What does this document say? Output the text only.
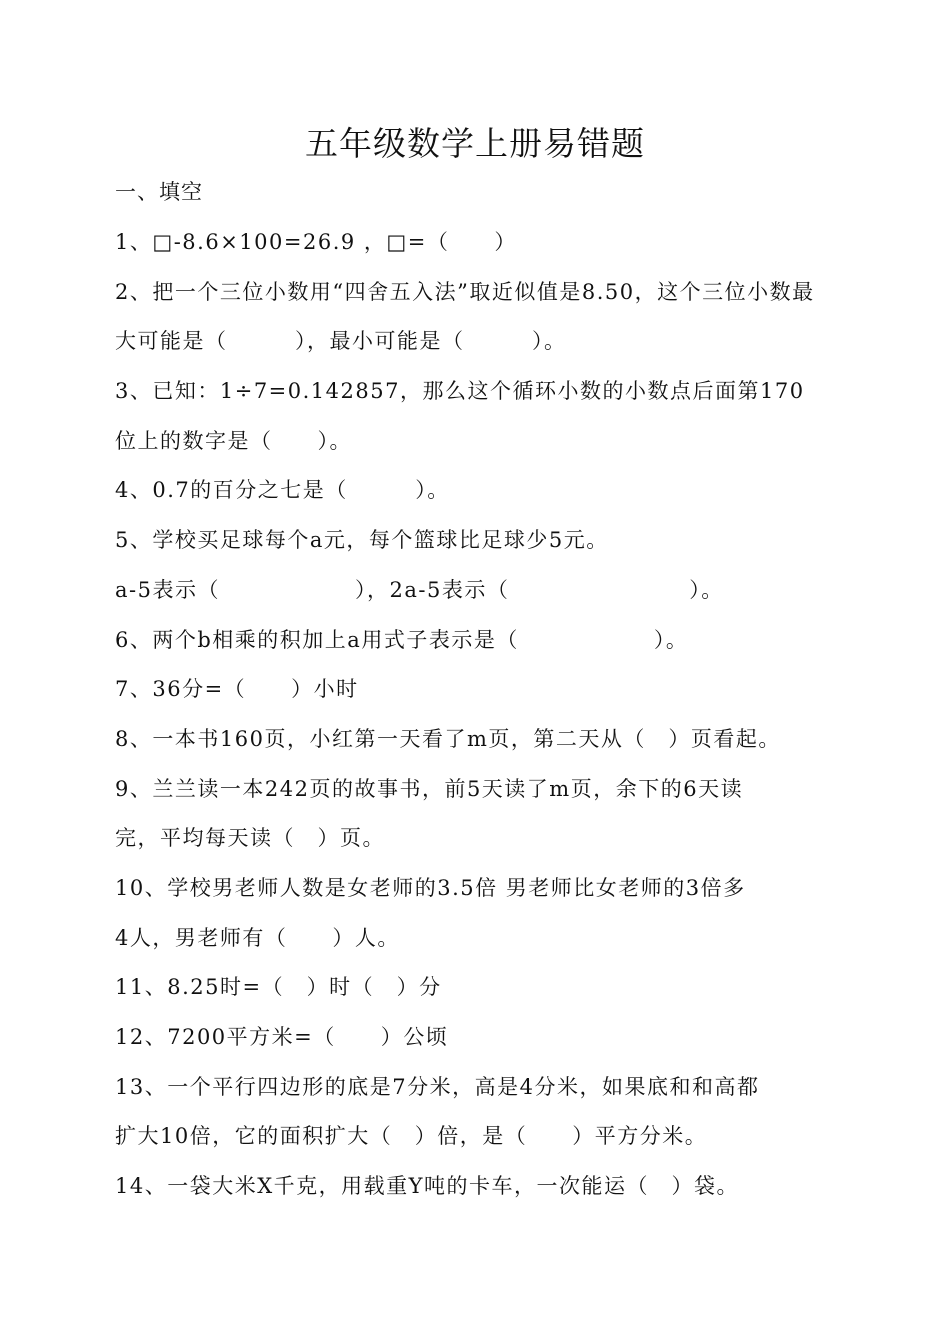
五年级数学上册易错题
一、填空
1、□-8.6×100=26.9 ，□=（　　）
2、把一个三位小数用“四舍五入法”取近似值是8.50，这个三位小数最
大可能是（　　　），最小可能是（　　　）。
3、已知：1÷7=0.142857，那么这个循环小数的小数点后面第170
位上的数字是（　　）。
4、0.7的百分之七是（　　　）。
5、学校买足球每个a元，每个篮球比足球少5元。
a-5表示（　　　　　　），2a-5表示（　　　　　　　　）。
6、两个b相乘的积加上a用式子表示是（　　　　　　）。
7、36分=（　　）小时
8、一本书160页，小红第一天看了m页，第二天从（　）页看起。
9、兰兰读一本242页的故事书，前5天读了m页，余下的6天读
完，平均每天读（　）页。
10、学校男老师人数是女老师的3.5倍 男老师比女老师的3倍多
4人，男老师有（　　）人。
11、8.25时=（　）时（　）分
12、7200平方米=（　　）公顷
13、一个平行四边形的底是7分米，高是4分米，如果底和和高都
扩大10倍，它的面积扩大（　）倍，是（　　）平方分米。
14、一袋大米X千克，用载重Y吨的卡车，一次能运（　）袋。
